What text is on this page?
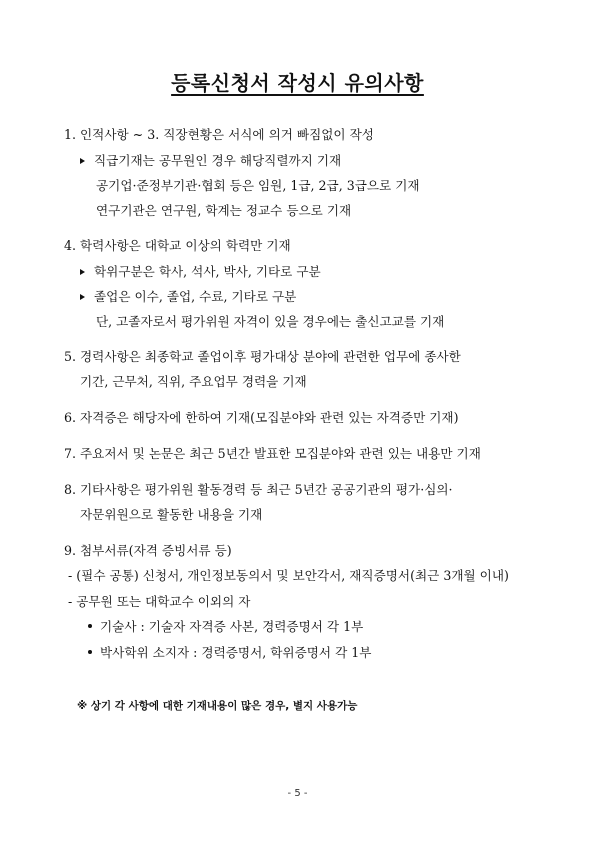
등록신청서 작성시 유의사항
1. 인적사항 ~ 3. 직장현황은 서식에 의거 빠짐없이 작성
직급기재는 공무원인 경우 해당직렬까지 기재
공기업·준정부기관·협회 등은 임원, 1급, 2급, 3급으로 기재
연구기관은 연구원, 학계는 정교수 등으로 기재
4. 학력사항은 대학교 이상의 학력만 기재
학위구분은 학사, 석사, 박사, 기타로 구분
졸업은 이수, 졸업, 수료, 기타로 구분
단, 고졸자로서 평가위원 자격이 있을 경우에는 출신고교를 기재
5. 경력사항은 최종학교 졸업이후 평가대상 분야에 관련한 업무에 종사한
기간, 근무처, 직위, 주요업무 경력을 기재
6. 자격증은 해당자에 한하여 기재(모집분야와 관련 있는 자격증만 기재)
7. 주요저서 및 논문은 최근 5년간 발표한 모집분야와 관련 있는 내용만 기재
8. 기타사항은 평가위원 활동경력 등 최근 5년간 공공기관의 평가·심의·
자문위원으로 활동한 내용을 기재
9. 첨부서류(자격 증빙서류 등)
- (필수 공통) 신청서, 개인정보동의서 및 보안각서, 재직증명서(최근 3개월 이내)
- 공무원 또는 대학교수 이외의 자
기술사 : 기술자 자격증 사본, 경력증명서 각 1부
박사학위 소지자 : 경력증명서, 학위증명서 각 1부
※ 상기 각 사항에 대한 기재내용이 많은 경우, 별지 사용가능
- 5 -
